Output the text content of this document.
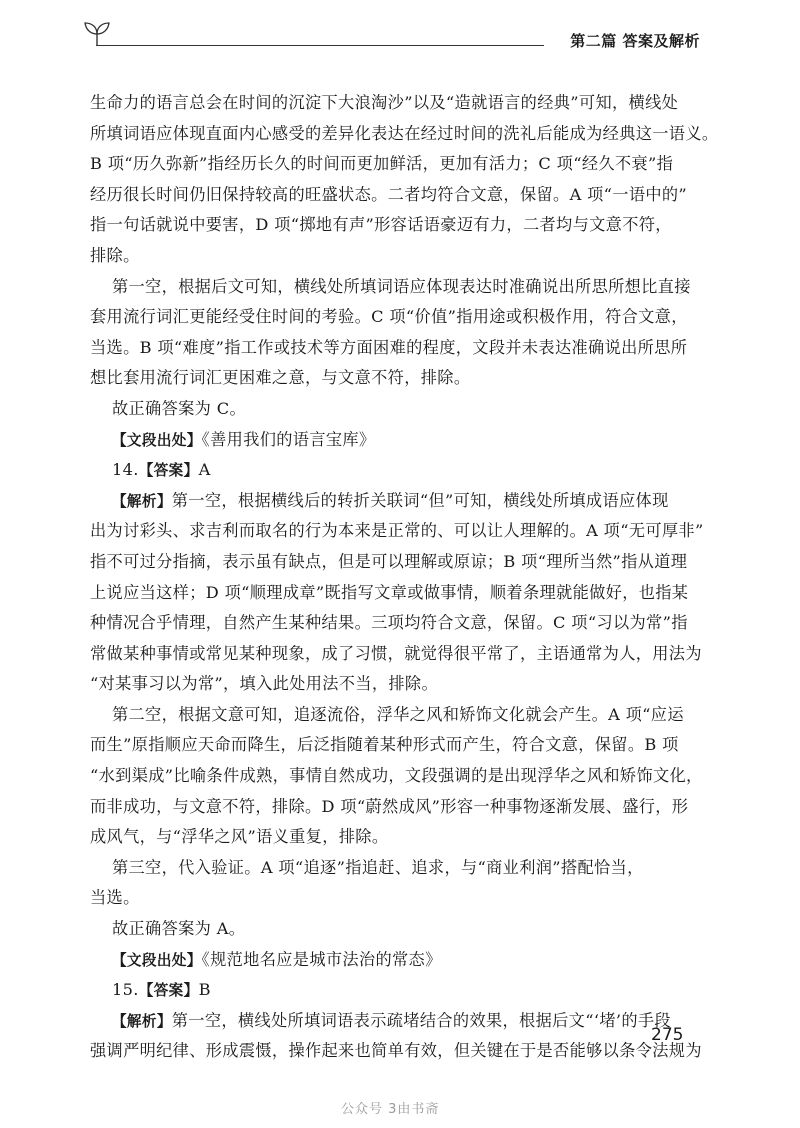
第二篇 答案及解析
生命力的语言总会在时间的沉淀下大浪淘沙”以及“造就语言的经典”可知，横线处
所填词语应体现直面内心感受的差异化表达在经过时间的洗礼后能成为经典这一语义。
B 项“历久弥新”指经历长久的时间而更加鲜活，更加有活力；C 项“经久不衰”指
经历很长时间仍旧保持较高的旺盛状态。二者均符合文意，保留。A 项“一语中的”
指一句话就说中要害，D 项“掷地有声”形容话语豪迈有力，二者均与文意不符，
排除。
第一空，根据后文可知，横线处所填词语应体现表达时准确说出所思所想比直接
套用流行词汇更能经受住时间的考验。C 项“价值”指用途或积极作用，符合文意，
当选。B 项“难度”指工作或技术等方面困难的程度，文段并未表达准确说出所思所
想比套用流行词汇更困难之意，与文意不符，排除。
故正确答案为 C。
【文段出处】《善用我们的语言宝库》
14.【答案】A
【解析】第一空，根据横线后的转折关联词“但”可知，横线处所填成语应体现
出为讨彩头、求吉利而取名的行为本来是正常的、可以让人理解的。A 项“无可厚非”
指不可过分指摘，表示虽有缺点，但是可以理解或原谅；B 项“理所当然”指从道理
上说应当这样；D 项“顺理成章”既指写文章或做事情，顺着条理就能做好，也指某
种情况合乎情理，自然产生某种结果。三项均符合文意，保留。C 项“习以为常”指
常做某种事情或常见某种现象，成了习惯，就觉得很平常了，主语通常为人，用法为
“对某事习以为常”，填入此处用法不当，排除。
第二空，根据文意可知，追逐流俗，浮华之风和矫饰文化就会产生。A 项“应运
而生”原指顺应天命而降生，后泛指随着某种形式而产生，符合文意，保留。B 项
“水到渠成”比喻条件成熟，事情自然成功，文段强调的是出现浮华之风和矫饰文化，
而非成功，与文意不符，排除。D 项“蔚然成风”形容一种事物逐渐发展、盛行，形
成风气，与“浮华之风”语义重复，排除。
第三空，代入验证。A 项“追逐”指追赶、追求，与“商业利润”搭配恰当，
当选。
故正确答案为 A。
【文段出处】《规范地名应是城市法治的常态》
15.【答案】B
【解析】第一空，横线处所填词语表示疏堵结合的效果，根据后文“‘堵’的手段
强调严明纪律、形成震慑，操作起来也简单有效，但关键在于是否能够以条令法规为
275
公众号 3由书斋
